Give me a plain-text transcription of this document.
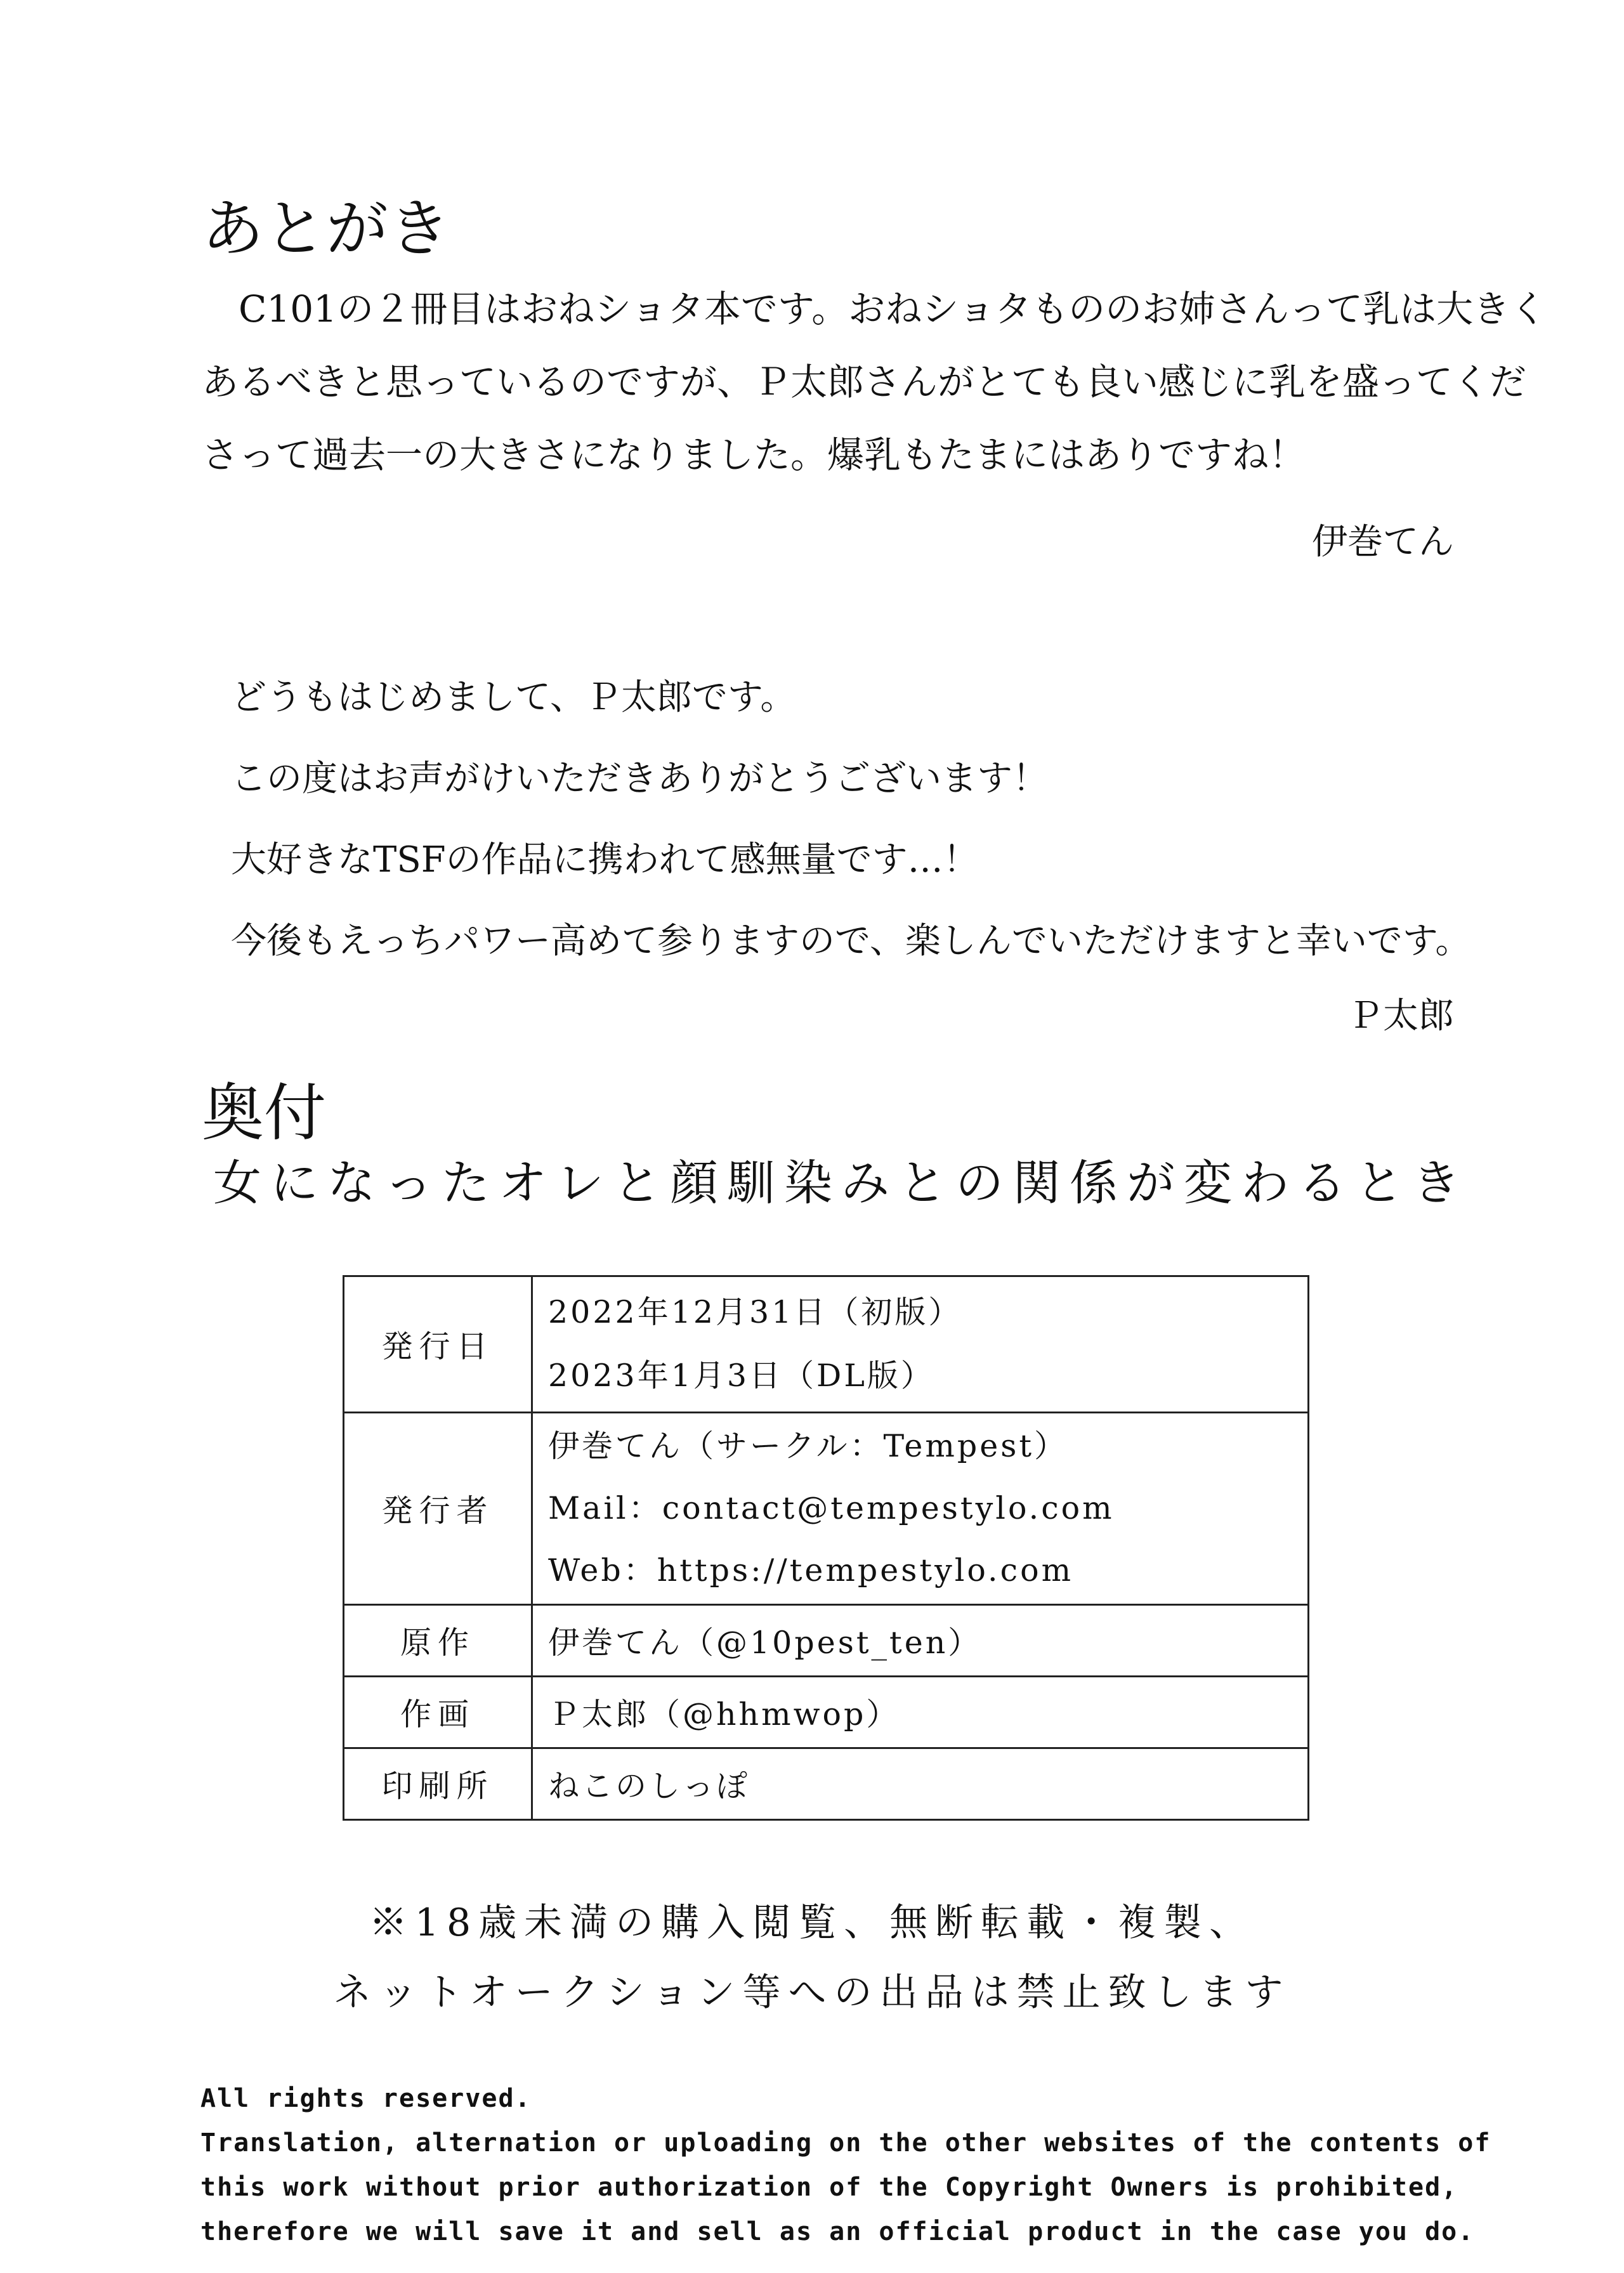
あとがき
　C101の２冊目はおねショタ本です。おねショタもののお姉さんって乳は大きく
あるべきと思っているのですが、Ｐ太郎さんがとても良い感じに乳を盛ってくだ
さって過去一の大きさになりました。爆乳もたまにはありですね！

伊巻てん

どうもはじめまして、Ｐ太郎です。

この度はお声がけいただきありがとうございます！

大好きなTSFの作品に携われて感無量です…！

今後もえっちパワー高めて参りますので、楽しんでいただけますと幸いです。

Ｐ太郎

奥付

女になったオレと顔馴染みとの関係が変わるとき

発行日	2022年12月31日（初版）
2023年1月3日（DL版）

発行者	伊巻てん（サークル：Tempest）
Mail：contact@tempestylo.com
Web：https://tempestylo.com

原作	伊巻てん（@10pest_ten）

作画	Ｐ太郎（@hhmwop）

印刷所	ねこのしっぽ

※18歳未満の購入閲覧、無断転載・複製、

ネットオークション等への出品は禁止致します

All rights reserved.

Translation, alternation or uploading on the other websites of the contents of

this work without prior authorization of the Copyright Owners is prohibited,

therefore we will save it and sell as an official product in the case you do.
